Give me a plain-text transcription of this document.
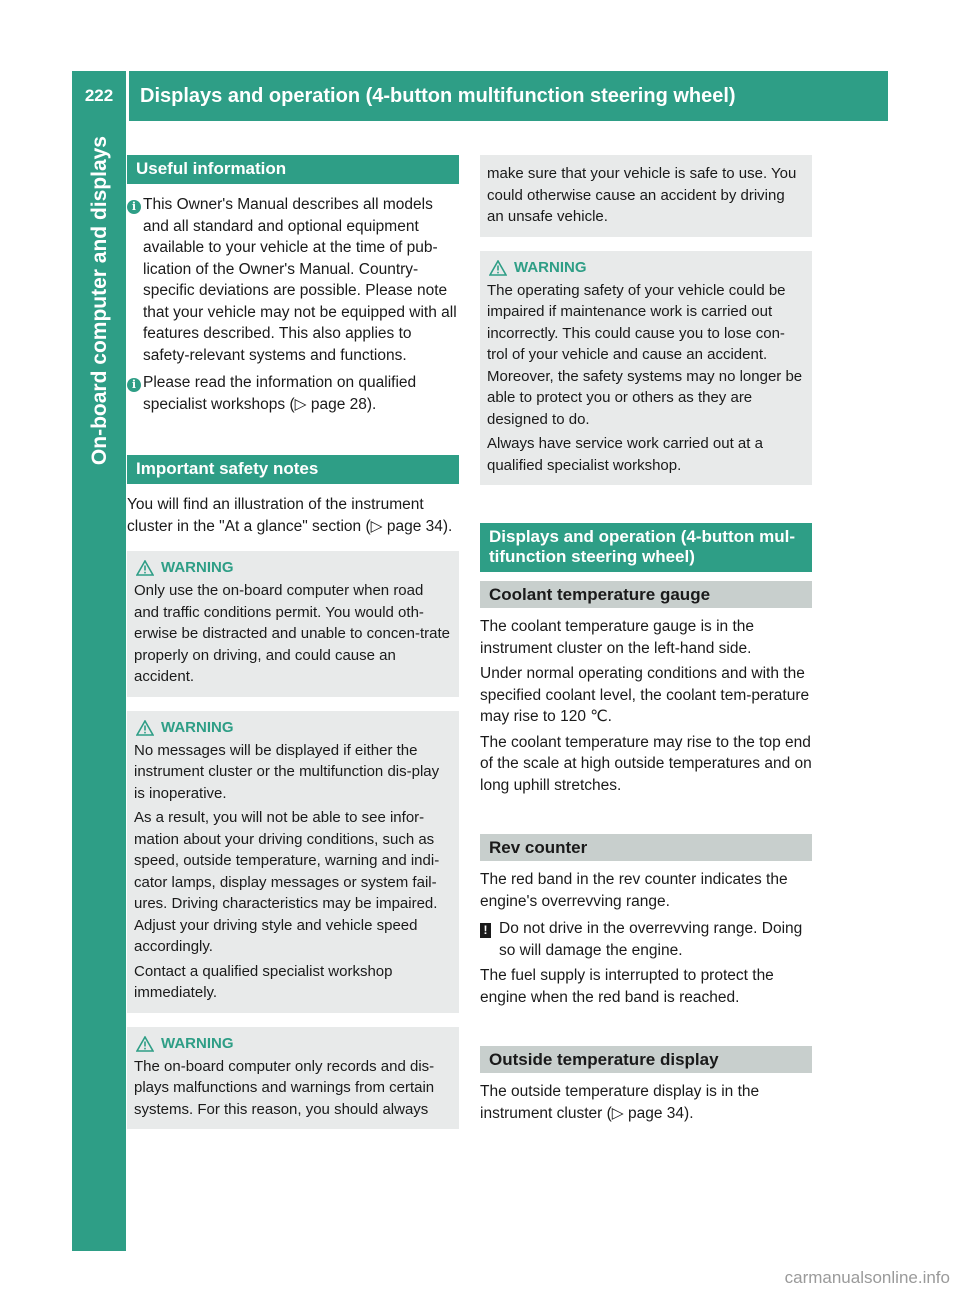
222	Displays and operation (4-button multifunction steering wheel)
On-board computer and displays	Useful information
i This Owner's Manual describes all models and all standard and optional equipment available to your vehicle at the time of pub-lication of the Owner's Manual. Country-specific deviations are possible. Please note that your vehicle may not be equipped with all features described. This also applies to safety-relevant systems and functions.

i Please read the information on qualified specialist workshops (▷ page 28).

Important safety notes

You will find an illustration of the instrument cluster in the "At a glance" section (▷ page 34).

WARNING

Only use the on-board computer when road and traffic conditions permit. You would oth-erwise be distracted and unable to concen-trate properly on driving, and could cause an accident.

WARNING

No messages will be displayed if either the instrument cluster or the multifunction dis-play is inoperative.

As a result, you will not be able to see infor-mation about your driving conditions, such as speed, outside temperature, warning and indi-cator lamps, display messages or system fail-ures. Driving characteristics may be impaired. Adjust your driving style and vehicle speed accordingly.

Contact a qualified specialist workshop immediately.

WARNING

The on-board computer only records and dis-plays malfunctions and warnings from certain systems. For this reason, you should always

make sure that your vehicle is safe to use. You could otherwise cause an accident by driving an unsafe vehicle.

WARNING

The operating safety of your vehicle could be impaired if maintenance work is carried out incorrectly. This could cause you to lose con-trol of your vehicle and cause an accident. Moreover, the safety systems may no longer be able to protect you or others as they are designed to do.

Always have service work carried out at a qualified specialist workshop.

Displays and operation (4-button mul-tifunction steering wheel)
Coolant temperature gauge

The coolant temperature gauge is in the instrument cluster on the left-hand side.

Under normal operating conditions and with the specified coolant level, the coolant tem-perature may rise to 120 ℃.

The coolant temperature may rise to the top end of the scale at high outside temperatures and on long uphill stretches.

Rev counter

The red band in the rev counter indicates the engine's overrevving range.

! Do not drive in the overrevving range. Doing so will damage the engine.

The fuel supply is interrupted to protect the engine when the red band is reached.

Outside temperature display

The outside temperature display is in the instrument cluster (▷ page 34).

carmanualsonline.info
